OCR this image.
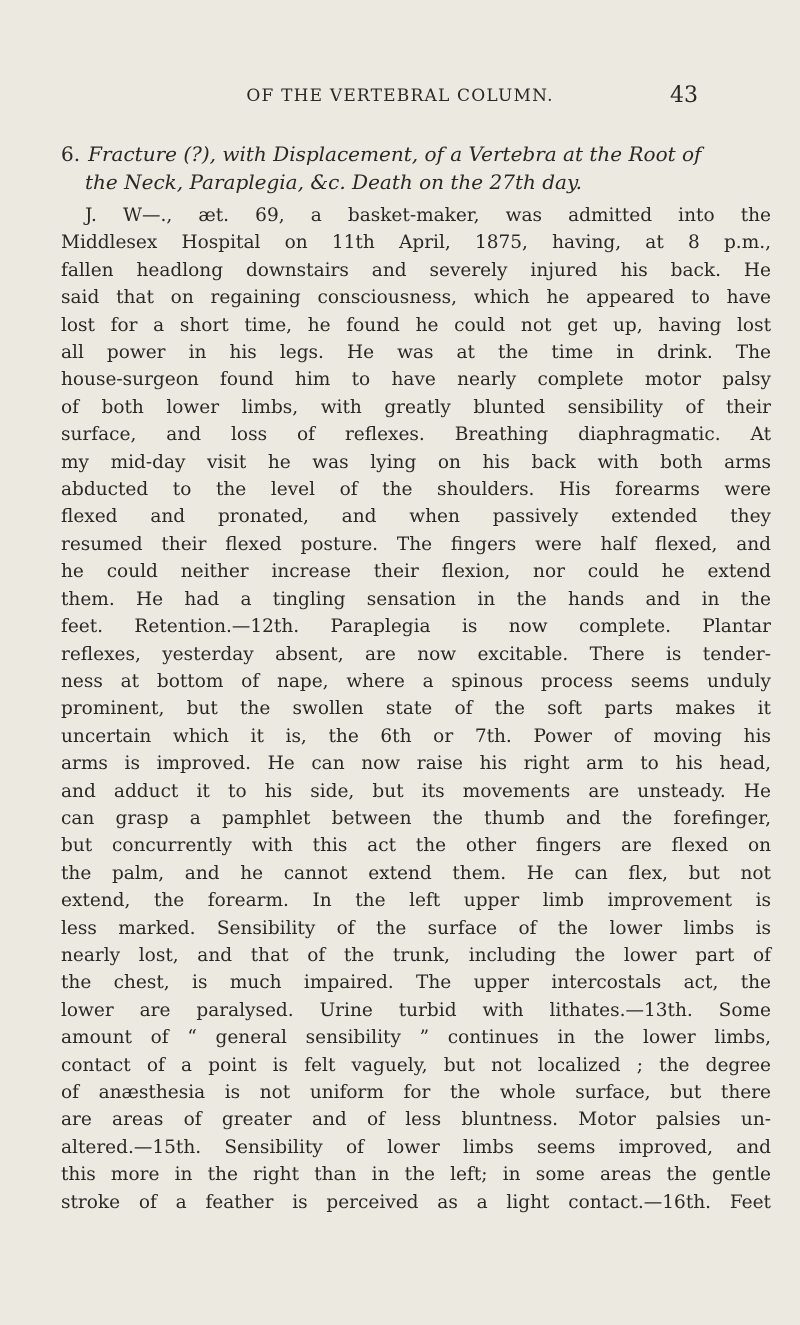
OF THE VERTEBRAL COLUMN.	43
6. Fracture (?), with Displacement, of a Vertebra at the Root of
the Neck, Paraplegia, &c. Death on the 27th day.
J. W—., æt. 69, a basket-maker, was admitted into the
Middlesex Hospital on 11th April, 1875, having, at 8 p.m.,
fallen headlong downstairs and severely injured his back. He
said that on regaining consciousness, which he appeared to have
lost for a short time, he found he could not get up, having lost
all power in his legs. He was at the time in drink. The
house-surgeon found him to have nearly complete motor palsy
of both lower limbs, with greatly blunted sensibility of their
surface, and loss of reflexes. Breathing diaphragmatic. At
my mid-day visit he was lying on his back with both arms
abducted to the level of the shoulders. His forearms were
flexed and pronated, and when passively extended they
resumed their flexed posture. The fingers were half flexed, and
he could neither increase their flexion, nor could he extend
them. He had a tingling sensation in the hands and in the
feet. Retention.—12th. Paraplegia is now complete. Plantar
reflexes, yesterday absent, are now excitable. There is tender-
ness at bottom of nape, where a spinous process seems unduly
prominent, but the swollen state of the soft parts makes it
uncertain which it is, the 6th or 7th. Power of moving his
arms is improved. He can now raise his right arm to his head,
and adduct it to his side, but its movements are unsteady. He
can grasp a pamphlet between the thumb and the forefinger,
but concurrently with this act the other fingers are flexed on
the palm, and he cannot extend them. He can flex, but not
extend, the forearm. In the left upper limb improvement is
less marked. Sensibility of the surface of the lower limbs is
nearly lost, and that of the trunk, including the lower part of
the chest, is much impaired. The upper intercostals act, the
lower are paralysed. Urine turbid with lithates.—13th. Some
amount of “ general sensibility ” continues in the lower limbs,
contact of a point is felt vaguely, but not localized ; the degree
of anæsthesia is not uniform for the whole surface, but there
are areas of greater and of less bluntness. Motor palsies un-
altered.—15th. Sensibility of lower limbs seems improved, and
this more in the right than in the left; in some areas the gentle
stroke of a feather is perceived as a light contact.—16th. Feet
